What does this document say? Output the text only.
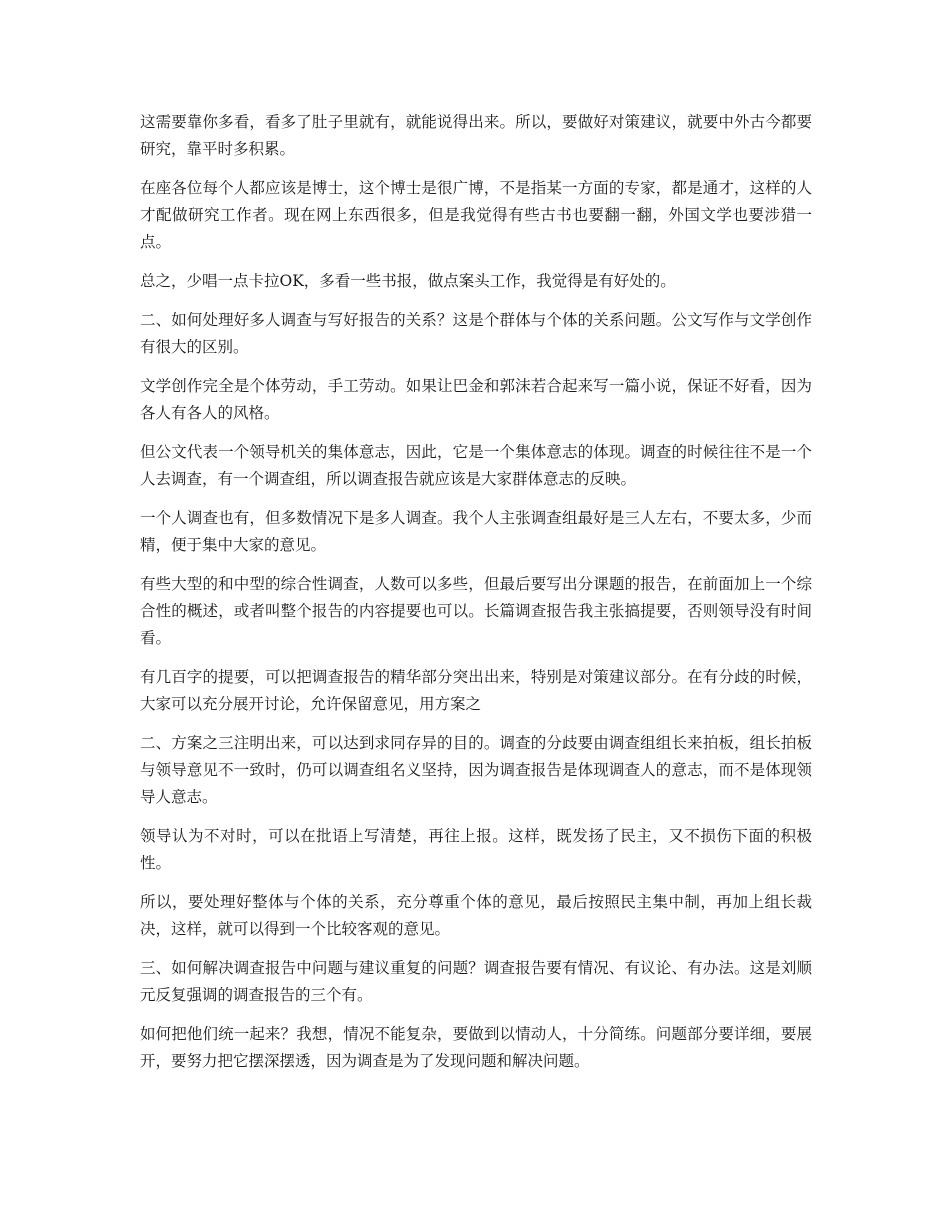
这需要靠你多看，看多了肚子里就有，就能说得出来。所以，要做好对策建议，就要中外古今都要研究，靠平时多积累。

在座各位每个人都应该是博士，这个博士是很广博，不是指某一方面的专家，都是通才，这样的人才配做研究工作者。现在网上东西很多，但是我觉得有些古书也要翻一翻，外国文学也要涉猎一点。

总之，少唱一点卡拉OK，多看一些书报，做点案头工作，我觉得是有好处的。

二、如何处理好多人调查与写好报告的关系？这是个群体与个体的关系问题。公文写作与文学创作有很大的区别。

文学创作完全是个体劳动，手工劳动。如果让巴金和郭沫若合起来写一篇小说，保证不好看，因为各人有各人的风格。

但公文代表一个领导机关的集体意志，因此，它是一个集体意志的体现。调查的时候往往不是一个人去调查，有一个调查组，所以调查报告就应该是大家群体意志的反映。

一个人调查也有，但多数情况下是多人调查。我个人主张调查组最好是三人左右，不要太多，少而精，便于集中大家的意见。

有些大型的和中型的综合性调查，人数可以多些，但最后要写出分课题的报告，在前面加上一个综合性的概述，或者叫整个报告的内容提要也可以。长篇调查报告我主张搞提要，否则领导没有时间看。

有几百字的提要，可以把调查报告的精华部分突出出来，特别是对策建议部分。在有分歧的时候，大家可以充分展开讨论，允许保留意见，用方案之

二、方案之三注明出来，可以达到求同存异的目的。调查的分歧要由调查组组长来拍板，组长拍板与领导意见不一致时，仍可以调查组名义坚持，因为调查报告是体现调查人的意志，而不是体现领导人意志。

领导认为不对时，可以在批语上写清楚，再往上报。这样，既发扬了民主，又不损伤下面的积极性。

所以，要处理好整体与个体的关系，充分尊重个体的意见，最后按照民主集中制，再加上组长裁决，这样，就可以得到一个比较客观的意见。

三、如何解决调查报告中问题与建议重复的问题？调查报告要有情况、有议论、有办法。这是刘顺元反复强调的调查报告的三个有。

如何把他们统一起来？我想，情况不能复杂，要做到以情动人，十分简练。问题部分要详细，要展开，要努力把它摆深摆透，因为调查是为了发现问题和解决问题。
